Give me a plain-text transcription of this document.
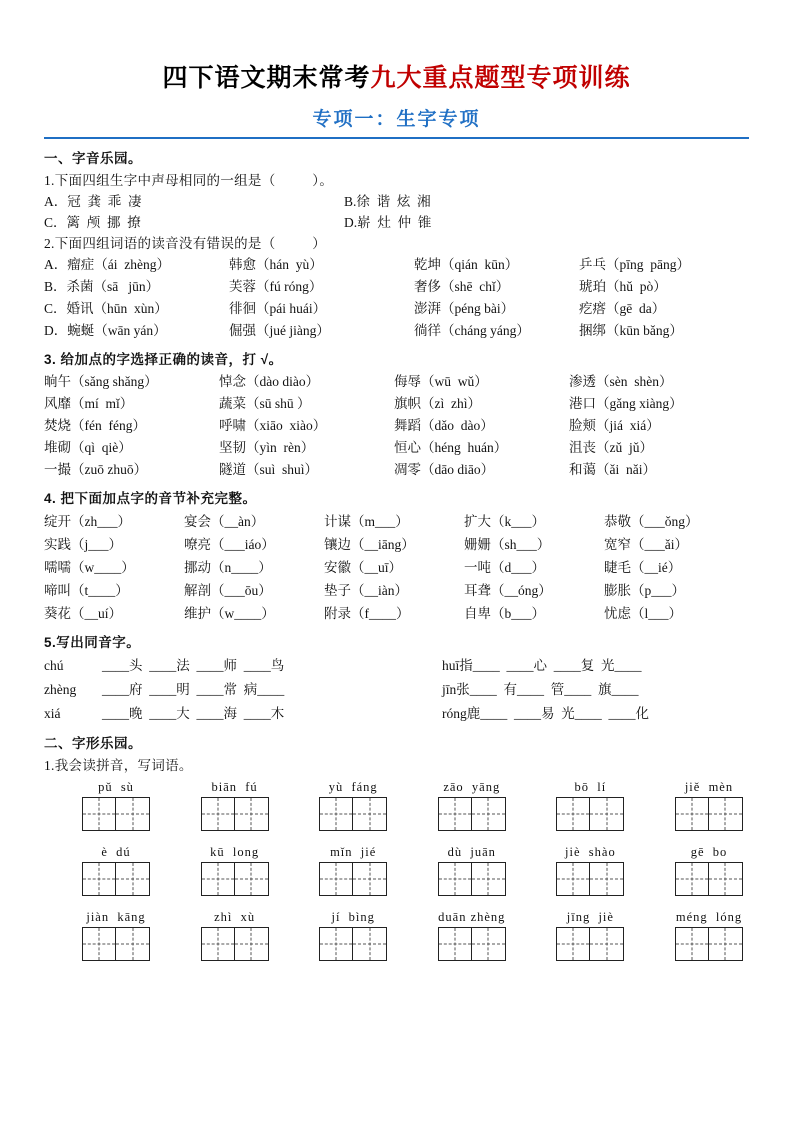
四下语文期末常考九大重点题型专项训练
专项一：生字专项
一、字音乐园。
1.下面四组生字中声母相同的一组是（          ）。
A．冠  龚  乖  凄	B.徐  谐  炫  湘
C．篱  颅  挪  撩	D.崭  灶  仲  锥
2.下面四组词语的读音没有错误的是（          ）
A．瘤症（ái  zhèng）	韩愈（hán  yù）	乾坤（qián  kūn）	乒乓（pīng  pāng）
B．杀菌（sā   jūn）	芙蓉（fú róng）	奢侈（shē  chǐ）	琥珀（hǔ  pò）
C．婚讯（hūn  xùn）	徘徊（pái huái）	澎湃（péng bài）	疙瘩（gē  da）
D．蜿蜒（wān yán）	倔强（jué jiàng）	徜徉（cháng yáng）	捆绑（kūn bǎng）
3. 给加点的字选择正确的读音，打 √。
晌午（sǎng shǎng）	悼念（dào diào）	侮辱（wū  wǔ）	渗透（sèn  shèn）
风靡（mí  mǐ）	蔬菜（sū shū ）	旗帜（zì  zhì）	港口（gǎng xiàng）
焚烧（fén  féng）	呼啸（xiāo  xiào）	舞蹈（dǎo  dào）	脸颊（jiá  xiá）
堆砌（qì  qiè）	坚韧（yìn  rèn）	恒心（héng  huán）	沮丧（zǔ  jǔ）
一撮（zuō zhuō）	隧道（suì  shuì）	凋零（dāo diāo）	和蔼（ǎi  nǎi）
4. 把下面加点字的音节补充完整。
绽开（zh___）	宴会（__àn）	计谋（m___）	扩大（k___）	恭敬（___ǒng）
实践（j___）	嘹亮（___iáo）	镶边（__iāng）	姗姗（sh___）	宽窄（___ǎi）
嚅嚅（w____）	挪动（n____）	安徽（__uī）	一吨（d___）	睫毛（__ié）
啼叫（t____）	解剖（___ōu）	垫子（__iàn）	耳聋（__óng）	膨胀（p___）
葵花（__uí）	维护（w____）	附录（f____）	自卑（b___）	忧虑（l___）
5.写出同音字。
chú	____头  ____法  ____师  ____鸟	huī指____  ____心  ____复  光____
zhèng	____府  ____明  ____常  病____	jīn张____  有____  管____  旗____
xiá	____晚  ____大  ____海  ____木	róng鹿____  ____易  光____  ____化
二、字形乐园。
1.我会读拼音，写词语。
pǔ  sù	biān  fú	yù  fáng	zāo  yāng	bō  lí	jiě  mèn
è  dú	kū  long	mǐn  jié	dù  juān	jiè  shào	gē  bo
jiàn  kāng	zhì  xù	jí  bìng	duān zhèng	jīng  jiè	méng  lóng
